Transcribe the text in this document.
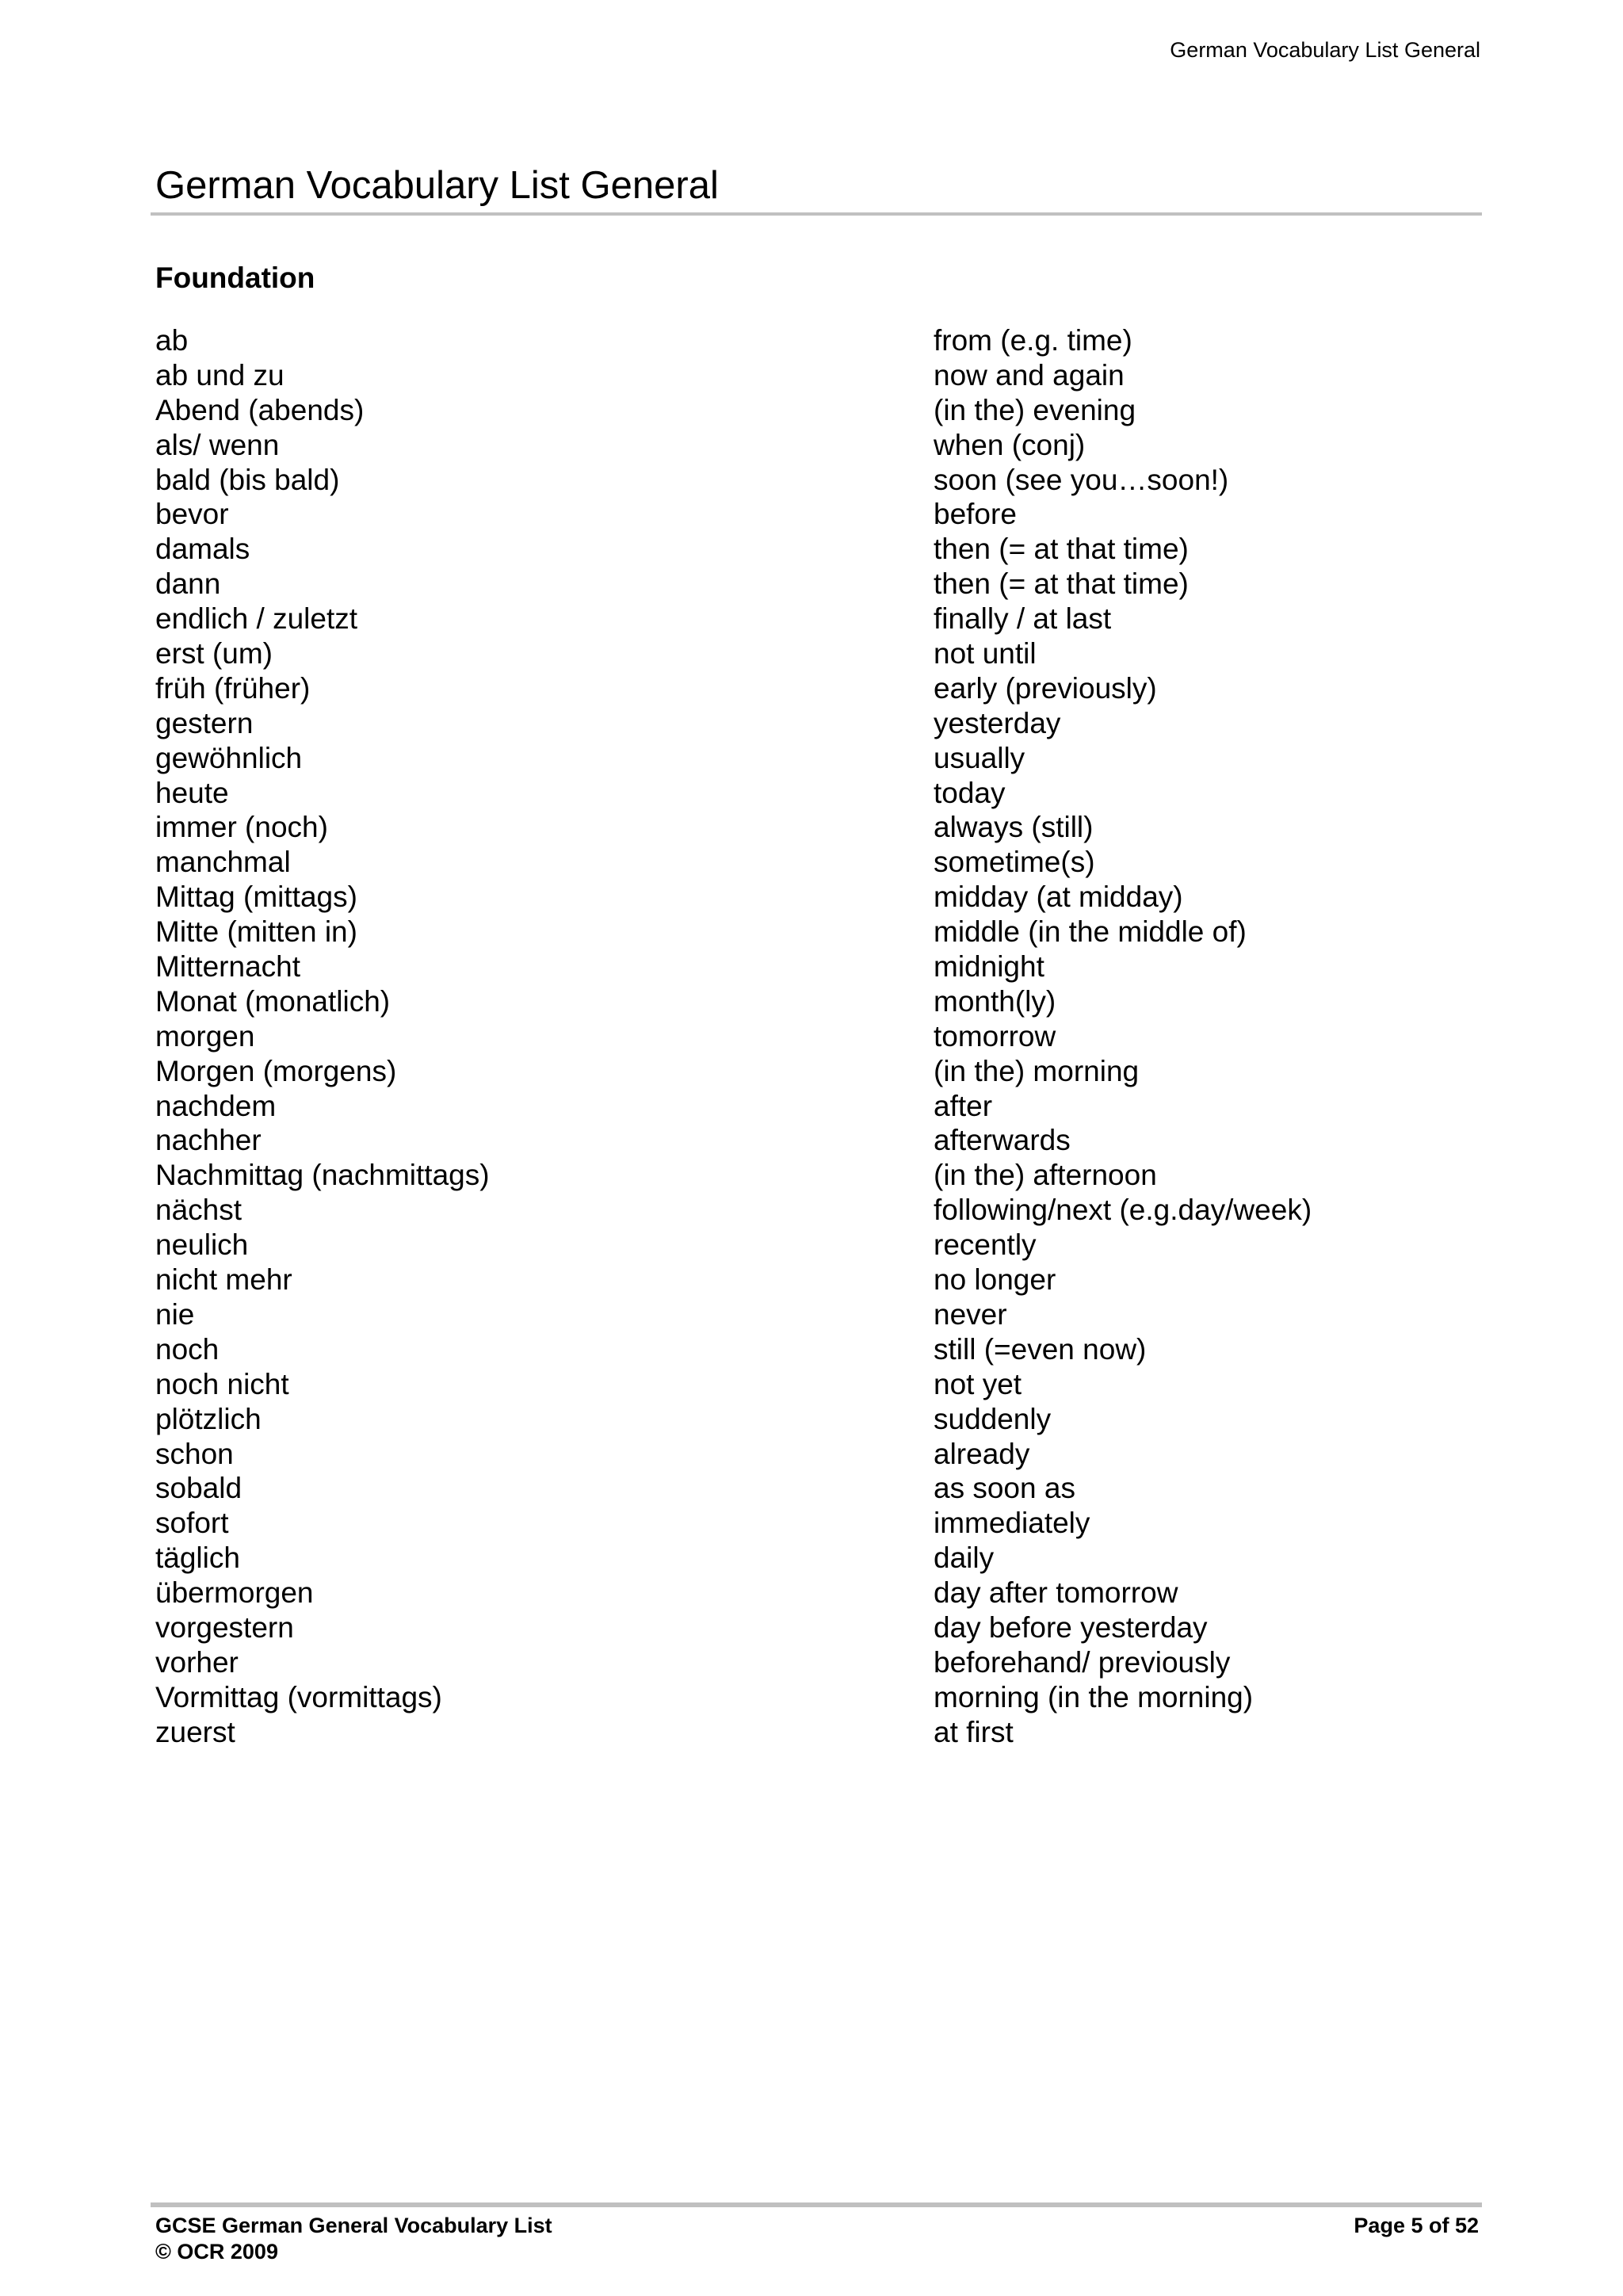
German Vocabulary List General
German Vocabulary List General
Foundation
ab	from (e.g. time)
ab und zu	now and again
Abend (abends)	(in the) evening
als/ wenn	when (conj)
bald (bis bald)	soon (see you…soon!)
bevor	before
damals	then (= at that time)
dann	then (= at that time)
endlich / zuletzt	finally / at last
erst (um)	not until
früh (früher)	early (previously)
gestern	yesterday
gewöhnlich	usually
heute	today
immer (noch)	always (still)
manchmal	sometime(s)
Mittag (mittags)	midday (at midday)
Mitte (mitten in)	middle (in the middle of)
Mitternacht	midnight
Monat (monatlich)	month(ly)
morgen	tomorrow
Morgen (morgens)	(in the) morning
nachdem	after
nachher	afterwards
Nachmittag (nachmittags)	(in the) afternoon
nächst	following/next (e.g.day/week)
neulich	recently
nicht mehr	no longer
nie	never
noch	still (=even now)
noch nicht	not yet
plötzlich	suddenly
schon	already
sobald	as soon as
sofort	immediately
täglich	daily
übermorgen	day after tomorrow
vorgestern	day before yesterday
vorher	beforehand/ previously
Vormittag (vormittags)	morning (in the morning)
zuerst	at first
GCSE German General Vocabulary List
© OCR 2009
Page 5 of 52
